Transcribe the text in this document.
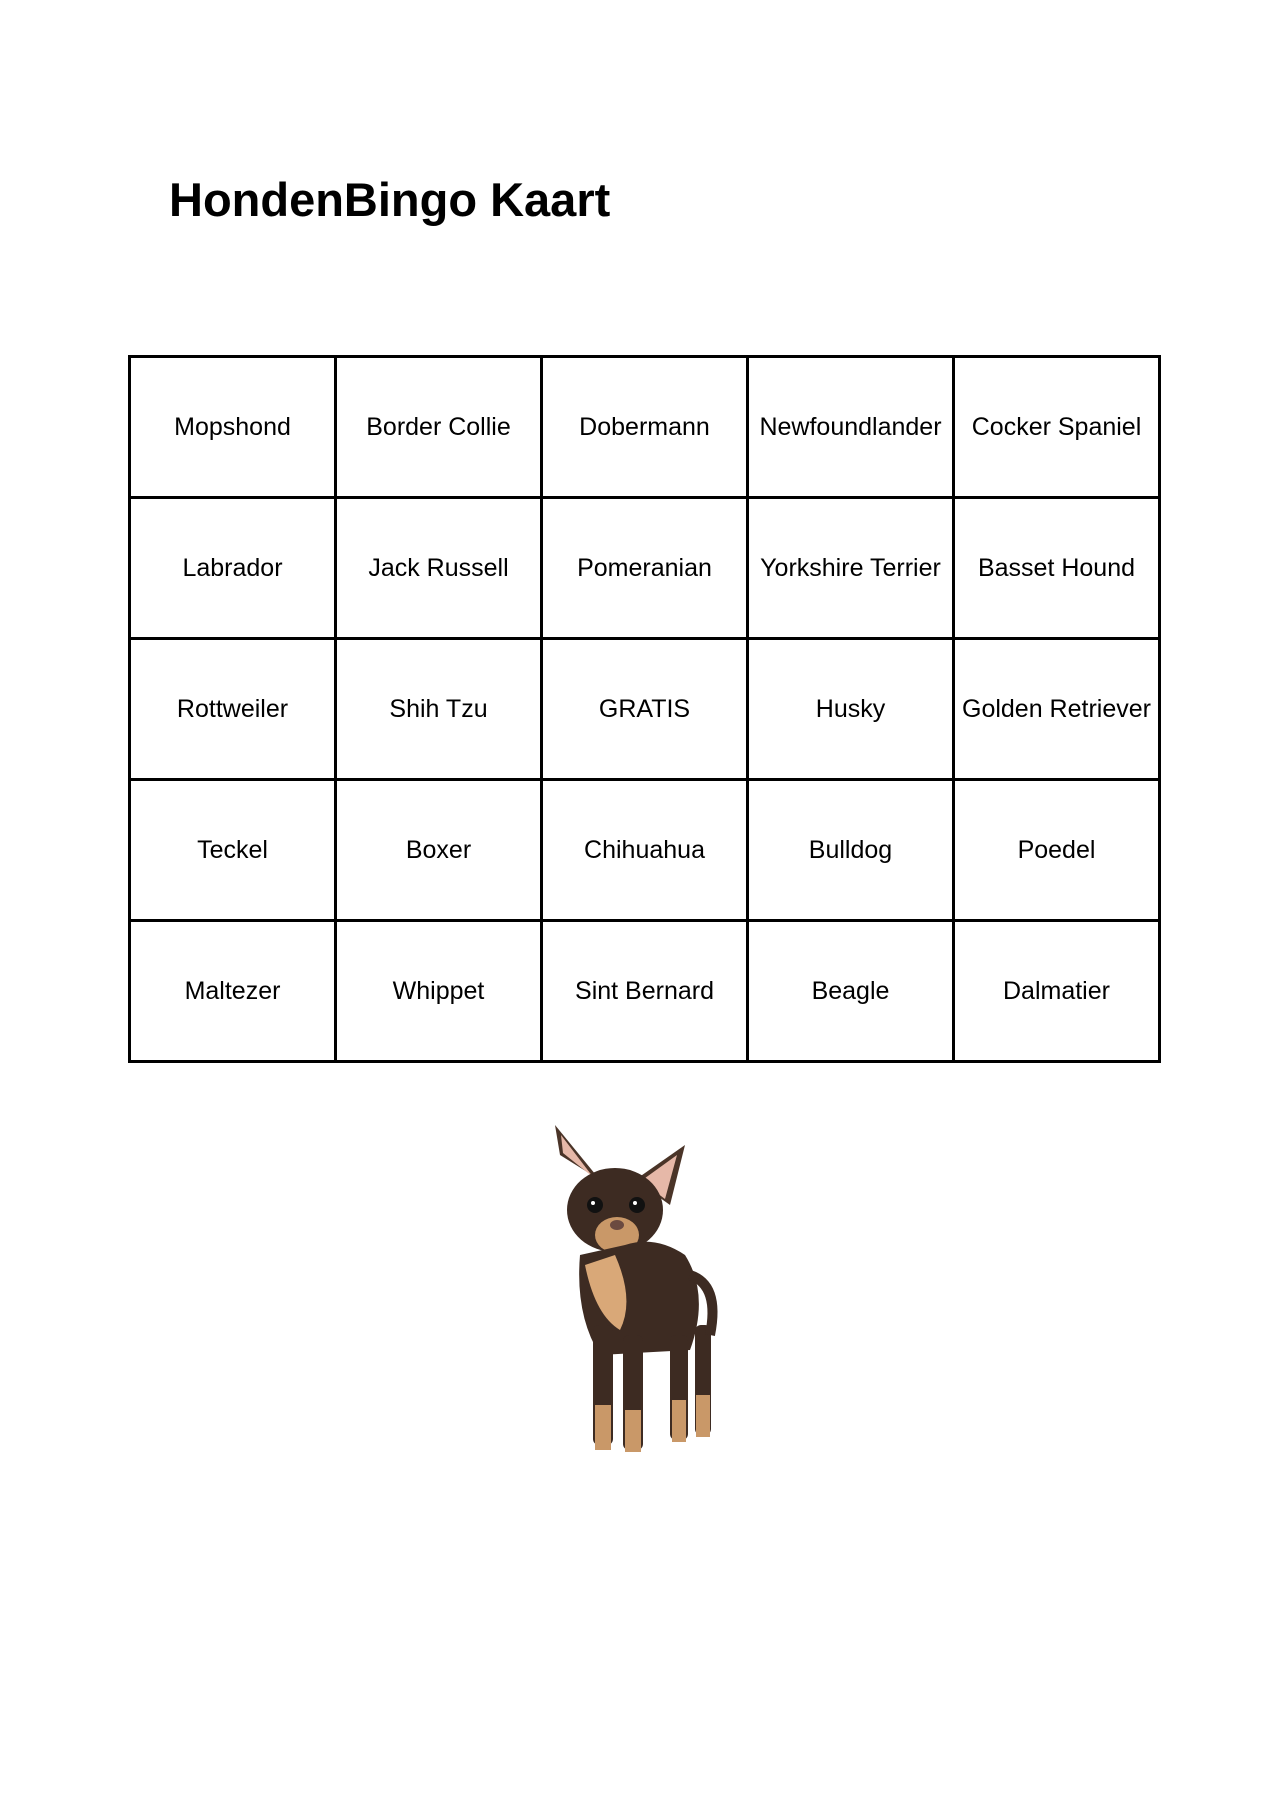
HondenBingo Kaart
Mopshond	Border Collie	Dobermann	Newfoundlander	Cocker Spaniel
Labrador	Jack Russell	Pomeranian	Yorkshire Terrier	Basset Hound
Rottweiler	Shih Tzu	GRATIS	Husky	Golden Retriever
Teckel	Boxer	Chihuahua	Bulldog	Poedel
Maltezer	Whippet	Sint Bernard	Beagle	Dalmatier
